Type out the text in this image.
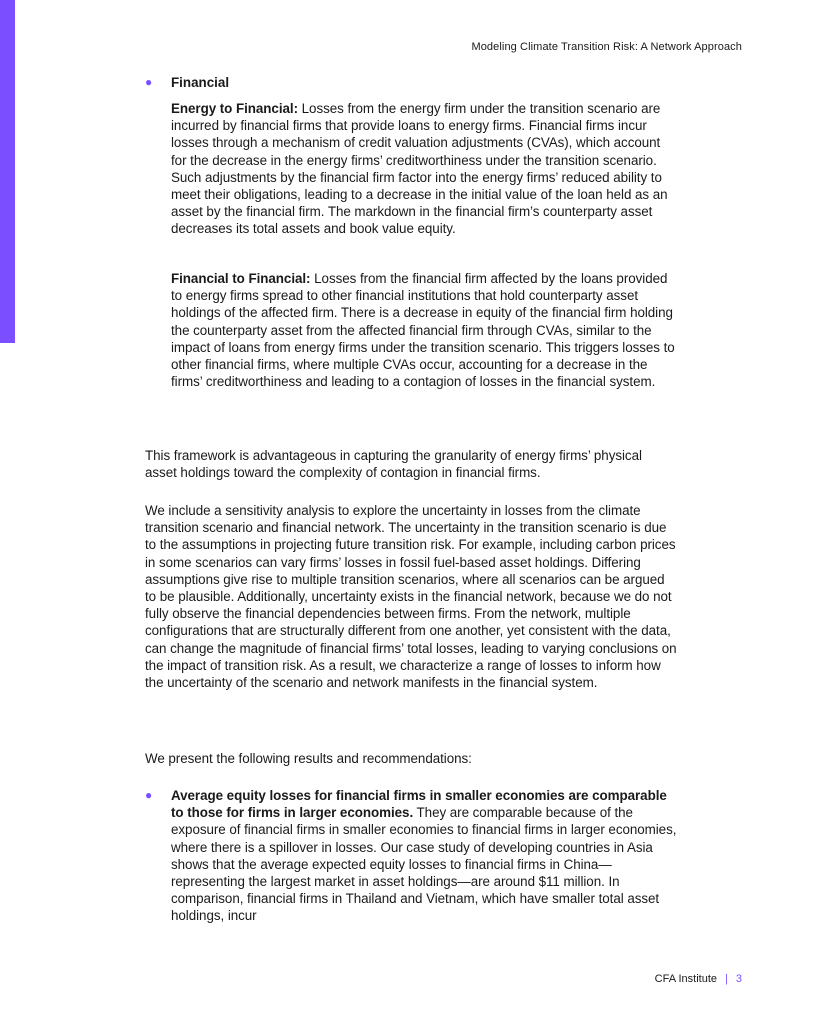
Modeling Climate Transition Risk: A Network Approach
● Financial

Energy to Financial: Losses from the energy firm under the transition scenario are incurred by financial firms that provide loans to energy firms. Financial firms incur losses through a mechanism of credit valuation adjustments (CVAs), which account for the decrease in the energy firms’ creditworthiness under the transition scenario. Such adjustments by the financial firm factor into the energy firms’ reduced ability to meet their obligations, leading to a decrease in the initial value of the loan held as an asset by the financial firm. The markdown in the financial firm’s counterparty asset decreases its total assets and book value equity.

Financial to Financial: Losses from the financial firm affected by the loans provided to energy firms spread to other financial institutions that hold counterparty asset holdings of the affected firm. There is a decrease in equity of the financial firm holding the counterparty asset from the affected financial firm through CVAs, similar to the impact of loans from energy firms under the transition scenario. This triggers losses to other financial firms, where multiple CVAs occur, accounting for a decrease in the firms’ creditworthiness and leading to a contagion of losses in the financial system.

This framework is advantageous in capturing the granularity of energy firms’ physical asset holdings toward the complexity of contagion in financial firms.

We include a sensitivity analysis to explore the uncertainty in losses from the climate transition scenario and financial network. The uncertainty in the transition scenario is due to the assumptions in projecting future transition risk. For example, including carbon prices in some scenarios can vary firms’ losses in fossil fuel-based asset holdings. Differing assumptions give rise to multiple transition scenarios, where all scenarios can be argued to be plausible. Additionally, uncertainty exists in the financial network, because we do not fully observe the financial dependencies between firms. From the network, multiple configurations that are structurally different from one another, yet consistent with the data, can change the magnitude of financial firms’ total losses, leading to varying conclusions on the impact of transition risk. As a result, we characterize a range of losses to inform how the uncertainty of the scenario and network manifests in the financial system.

We present the following results and recommendations:

● Average equity losses for financial firms in smaller economies are comparable to those for firms in larger economies. They are comparable because of the exposure of financial firms in smaller economies to financial firms in larger economies, where there is a spillover in losses. Our case study of developing countries in Asia shows that the average expected equity losses to financial firms in China—representing the largest market in asset holdings—are around $11 million. In comparison, financial firms in Thailand and Vietnam, which have smaller total asset holdings, incur

CFA Institute | 3
